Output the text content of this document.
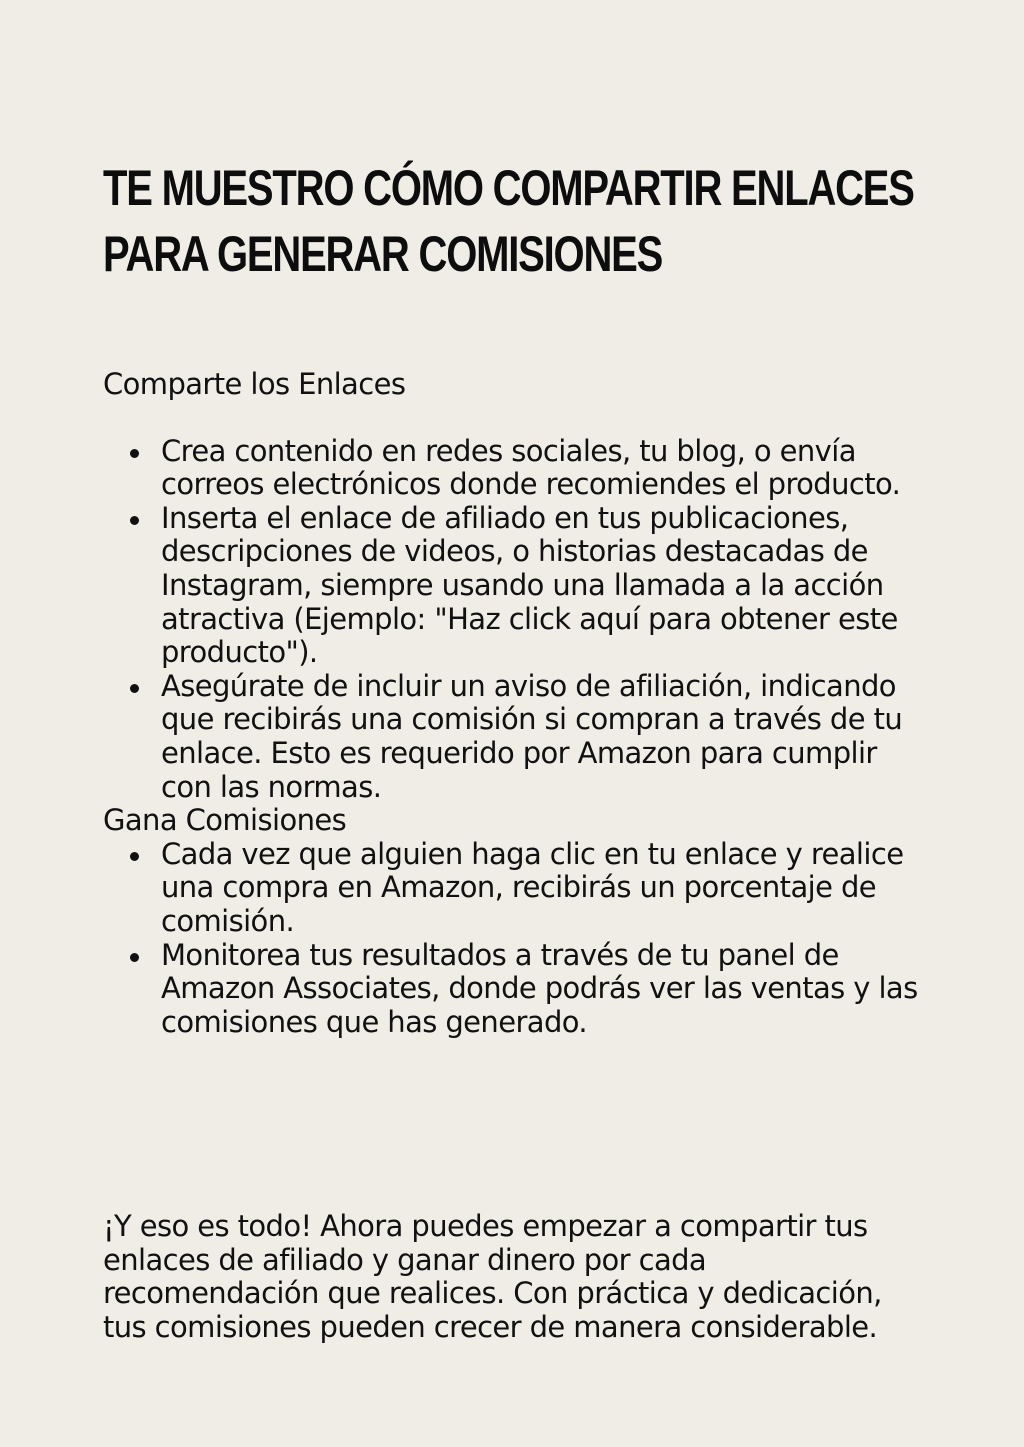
TE MUESTRO CÓMO COMPARTIR ENLACES
PARA GENERAR COMISIONES

Comparte los Enlaces

Crea contenido en redes sociales, tu blog, o envía correos electrónicos donde recomiendes el producto.
Inserta el enlace de afiliado en tus publicaciones, descripciones de videos, o historias destacadas de Instagram, siempre usando una llamada a la acción atractiva (Ejemplo: "Haz click aquí para obtener este producto").
Asegúrate de incluir un aviso de afiliación, indicando que recibirás una comisión si compran a través de tu enlace. Esto es requerido por Amazon para cumplir con las normas.

Gana Comisiones

Cada vez que alguien haga clic en tu enlace y realice una compra en Amazon, recibirás un porcentaje de comisión.
Monitorea tus resultados a través de tu panel de Amazon Associates, donde podrás ver las ventas y las comisiones que has generado.

¡Y eso es todo! Ahora puedes empezar a compartir tus enlaces de afiliado y ganar dinero por cada recomendación que realices. Con práctica y dedicación, tus comisiones pueden crecer de manera considerable.
